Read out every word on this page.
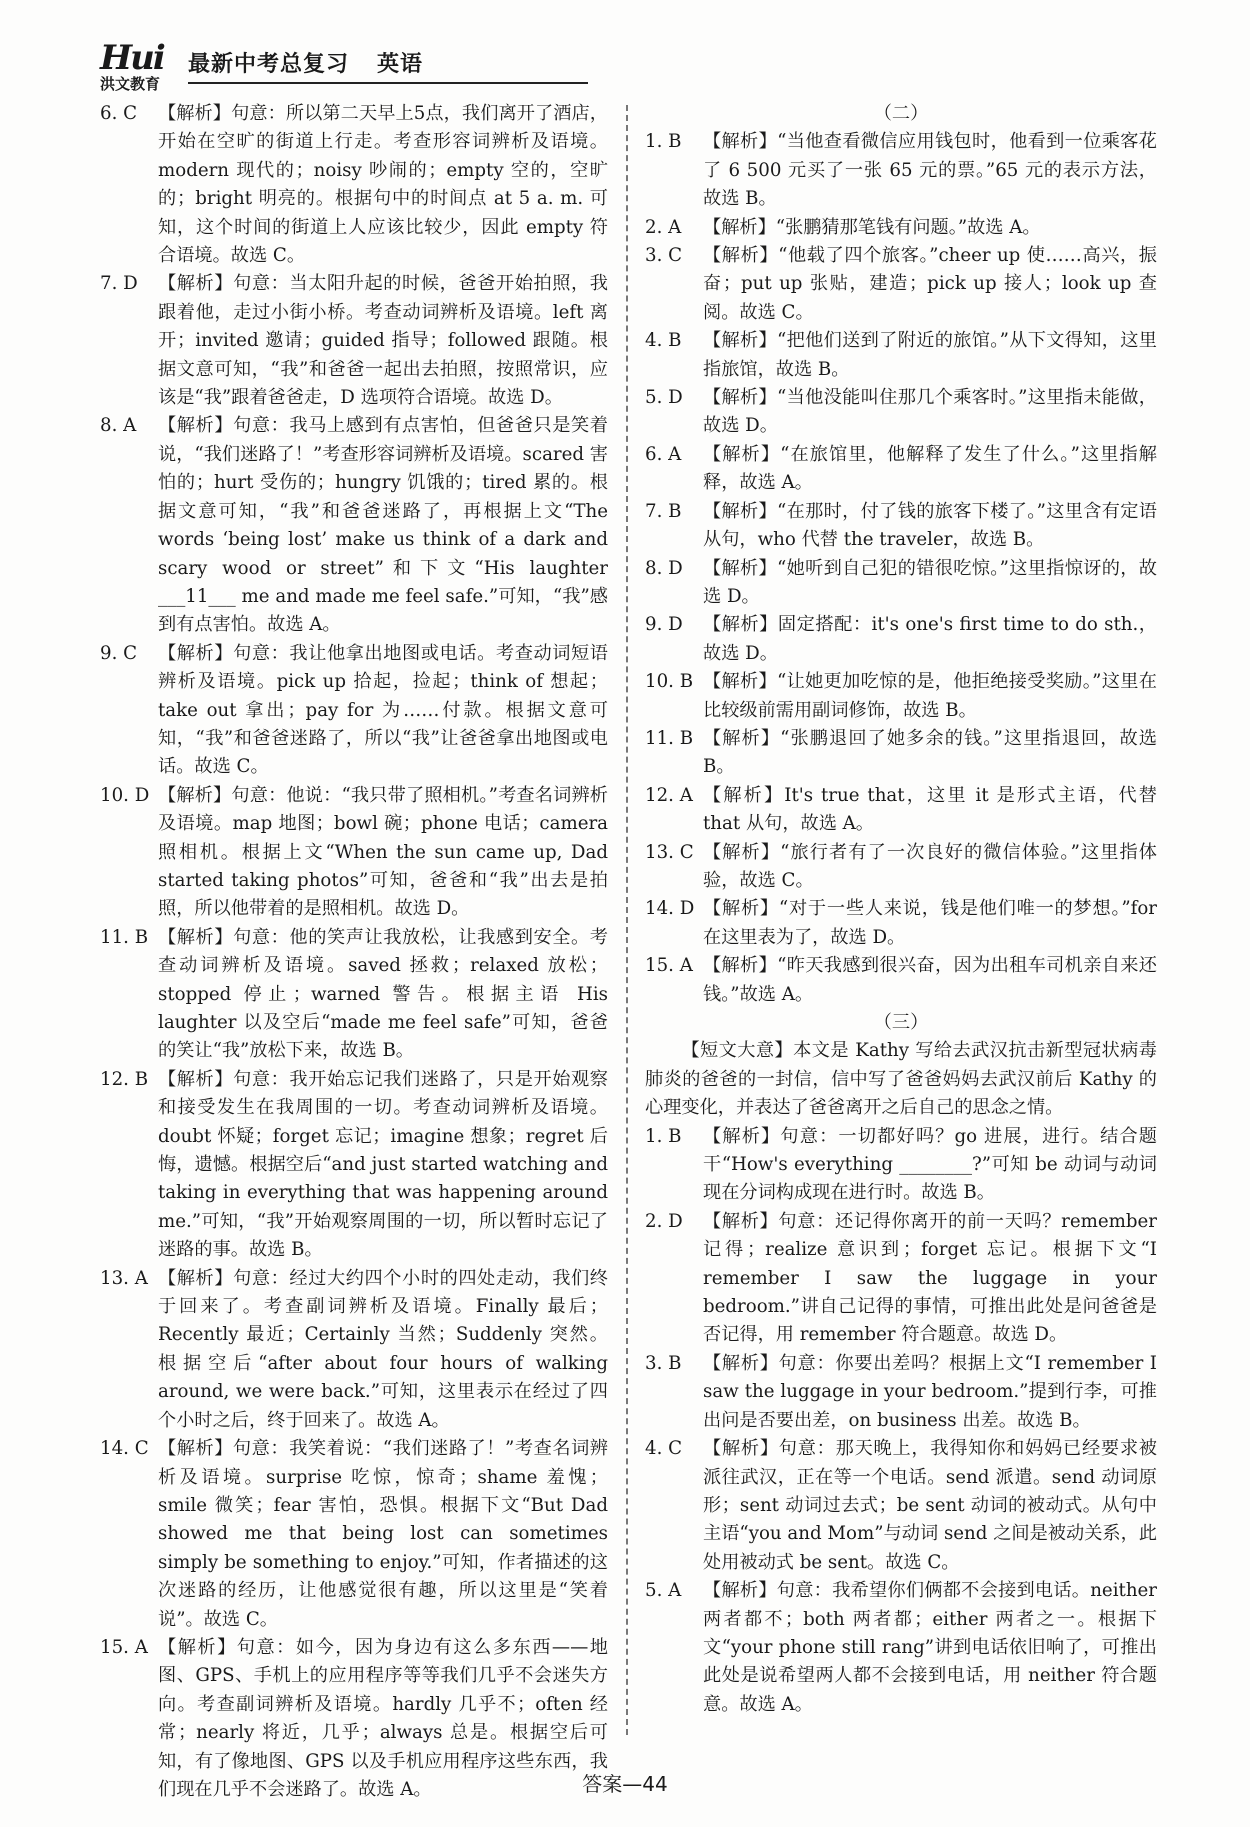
Hui
洪文教育
最新中考总复习 英语

6. C 【解析】句意：所以第二天早上5点，我们离开了酒店，开始在空旷的街道上行走。考查形容词辨析及语境。modern 现代的；noisy 吵闹的；empty 空的，空旷的；bright 明亮的。根据句中的时间点 at 5 a. m. 可知，这个时间的街道上人应该比较少，因此 empty 符合语境。故选 C。

7. D 【解析】句意：当太阳升起的时候，爸爸开始拍照，我跟着他，走过小街小桥。考查动词辨析及语境。left 离开；invited 邀请；guided 指导；followed 跟随。根据文意可知，“我”和爸爸一起出去拍照，按照常识，应该是“我”跟着爸爸走，D 选项符合语境。故选 D。

8. A 【解析】句意：我马上感到有点害怕，但爸爸只是笑着说，“我们迷路了！”考查形容词辨析及语境。scared 害怕的；hurt 受伤的；hungry 饥饿的；tired 累的。根据文意可知，“我”和爸爸迷路了，再根据上文“The words ‘being lost’ make us think of a dark and scary wood or street”和下文“His laughter ___11___ me and made me feel safe.”可知，“我”感到有点害怕。故选 A。

9. C 【解析】句意：我让他拿出地图或电话。考查动词短语辨析及语境。pick up 拾起，捡起；think of 想起；take out 拿出；pay for 为……付款。根据文意可知，“我”和爸爸迷路了，所以“我”让爸爸拿出地图或电话。故选 C。

10. D 【解析】句意：他说：“我只带了照相机。”考查名词辨析及语境。map 地图；bowl 碗；phone 电话；camera 照相机。根据上文“When the sun came up, Dad started taking photos”可知，爸爸和“我”出去是拍照，所以他带着的是照相机。故选 D。

11. B 【解析】句意：他的笑声让我放松，让我感到安全。考查动词辨析及语境。saved 拯救；relaxed 放松；stopped 停止；warned 警告。根据主语 His laughter 以及空后“made me feel safe”可知，爸爸的笑让“我”放松下来，故选 B。

12. B 【解析】句意：我开始忘记我们迷路了，只是开始观察和接受发生在我周围的一切。考查动词辨析及语境。doubt 怀疑；forget 忘记；imagine 想象；regret 后悔，遗憾。根据空后“and just started watching and taking in everything that was happening around me.”可知，“我”开始观察周围的一切，所以暂时忘记了迷路的事。故选 B。

13. A 【解析】句意：经过大约四个小时的四处走动，我们终于回来了。考查副词辨析及语境。Finally 最后；Recently 最近；Certainly 当然；Suddenly 突然。根据空后“after about four hours of walking around, we were back.”可知，这里表示在经过了四个小时之后，终于回来了。故选 A。

14. C 【解析】句意：我笑着说：“我们迷路了！”考查名词辨析及语境。surprise 吃惊，惊奇；shame 羞愧；smile 微笑；fear 害怕，恐惧。根据下文“But Dad showed me that being lost can sometimes simply be something to enjoy.”可知，作者描述的这次迷路的经历，让他感觉很有趣，所以这里是“笑着说”。故选 C。

15. A 【解析】句意：如今，因为身边有这么多东西——地图、GPS、手机上的应用程序等等我们几乎不会迷失方向。考查副词辨析及语境。hardly 几乎不；often 经常；nearly 将近，几乎；always 总是。根据空后可知，有了像地图、GPS 以及手机应用程序这些东西，我们现在几乎不会迷路了。故选 A。

（二）

1. B 【解析】“当他查看微信应用钱包时，他看到一位乘客花了 6 500 元买了一张 65 元的票。”65 元的表示方法，故选 B。

2. A 【解析】“张鹏猜那笔钱有问题。”故选 A。

3. C 【解析】“他载了四个旅客。”cheer up 使……高兴，振奋；put up 张贴，建造；pick up 接人；look up 查阅。故选 C。

4. B 【解析】“把他们送到了附近的旅馆。”从下文得知，这里指旅馆，故选 B。

5. D 【解析】“当他没能叫住那几个乘客时。”这里指未能做，故选 D。

6. A 【解析】“在旅馆里，他解释了发生了什么。”这里指解释，故选 A。

7. B 【解析】“在那时，付了钱的旅客下楼了。”这里含有定语从句，who 代替 the traveler，故选 B。

8. D 【解析】“她听到自己犯的错很吃惊。”这里指惊讶的，故选 D。

9. D 【解析】固定搭配：it's one's first time to do sth.，故选 D。

10. B 【解析】“让她更加吃惊的是，他拒绝接受奖励。”这里在比较级前需用副词修饰，故选 B。

11. B 【解析】“张鹏退回了她多余的钱。”这里指退回，故选 B。

12. A 【解析】It's true that，这里 it 是形式主语，代替 that 从句，故选 A。

13. C 【解析】“旅行者有了一次良好的微信体验。”这里指体验，故选 C。

14. D 【解析】“对于一些人来说，钱是他们唯一的梦想。”for 在这里表为了，故选 D。

15. A 【解析】“昨天我感到很兴奋，因为出租车司机亲自来还钱。”故选 A。

（三）

【短文大意】本文是 Kathy 写给去武汉抗击新型冠状病毒肺炎的爸爸的一封信，信中写了爸爸妈妈去武汉前后 Kathy 的心理变化，并表达了爸爸离开之后自己的思念之情。

1. B 【解析】句意：一切都好吗？go 进展，进行。结合题干“How's everything ________?”可知 be 动词与动词现在分词构成现在进行时。故选 B。

2. D 【解析】句意：还记得你离开的前一天吗？remember 记得；realize 意识到；forget 忘记。根据下文“I remember I saw the luggage in your bedroom.”讲自己记得的事情，可推出此处是问爸爸是否记得，用 remember 符合题意。故选 D。

3. B 【解析】句意：你要出差吗？根据上文“I remember I saw the luggage in your bedroom.”提到行李，可推出问是否要出差，on business 出差。故选 B。

4. C 【解析】句意：那天晚上，我得知你和妈妈已经要求被派往武汉，正在等一个电话。send 派遣。send 动词原形；sent 动词过去式；be sent 动词的被动式。从句中主语“you and Mom”与动词 send 之间是被动关系，此处用被动式 be sent。故选 C。

5. A 【解析】句意：我希望你们俩都不会接到电话。neither 两者都不；both 两者都；either 两者之一。根据下文“your phone still rang”讲到电话依旧响了，可推出此处是说希望两人都不会接到电话，用 neither 符合题意。故选 A。

答案—44
